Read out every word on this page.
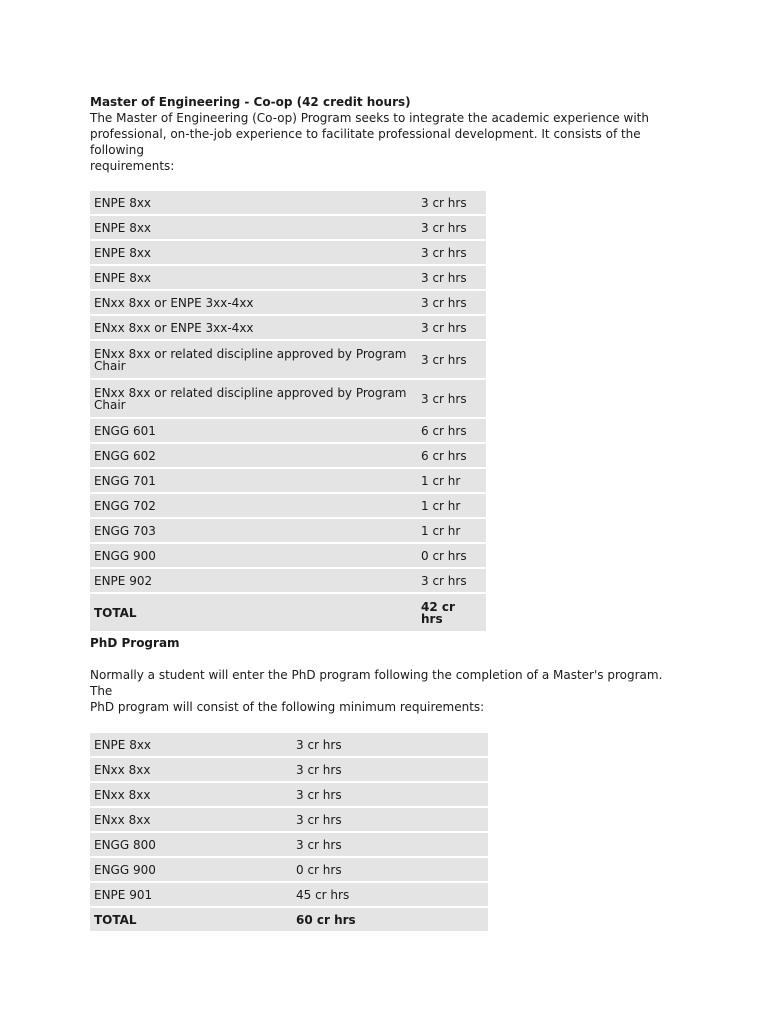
Master of Engineering - Co-op (42 credit hours)

The Master of Engineering (Co-op) Program seeks to integrate the academic experience with
professional, on-the-job experience to facilitate professional development. It consists of the following
requirements:

ENPE 8xx	3 cr hrs
ENPE 8xx	3 cr hrs
ENPE 8xx	3 cr hrs
ENPE 8xx	3 cr hrs
ENxx 8xx or ENPE 3xx-4xx	3 cr hrs
ENxx 8xx or ENPE 3xx-4xx	3 cr hrs
ENxx 8xx or related discipline approved by Program
Chair	3 cr hrs
ENxx 8xx or related discipline approved by Program
Chair	3 cr hrs
ENGG 601	6 cr hrs
ENGG 602	6 cr hrs
ENGG 701	1 cr hr
ENGG 702	1 cr hr
ENGG 703	1 cr hr
ENGG 900	0 cr hrs
ENPE 902	3 cr hrs
TOTAL	42 cr
hrs

PhD Program

Normally a student will enter the PhD program following the completion of a Master's program. The
PhD program will consist of the following minimum requirements:

ENPE 8xx	3 cr hrs
ENxx 8xx	3 cr hrs
ENxx 8xx	3 cr hrs
ENxx 8xx	3 cr hrs
ENGG 800	3 cr hrs
ENGG 900	0 cr hrs
ENPE 901	45 cr hrs
TOTAL	60 cr hrs
